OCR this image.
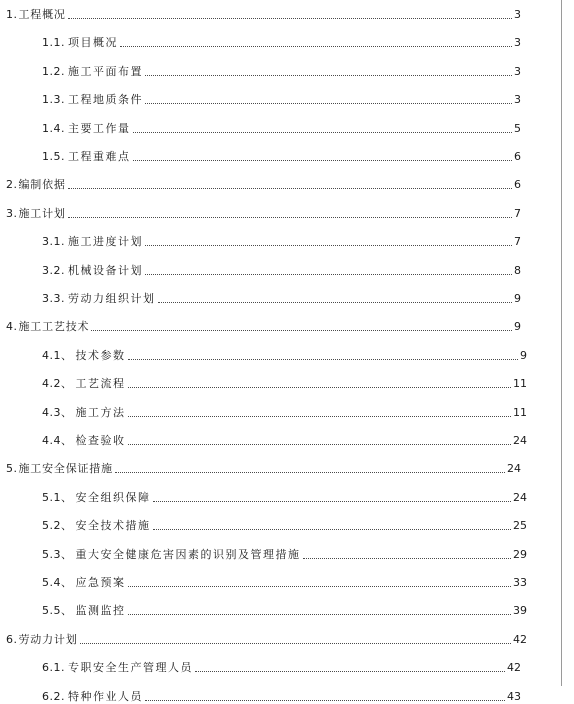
1. 工程概况	3
1.1. 项目概况	3
1.2. 施工平面布置	3
1.3. 工程地质条件	3
1.4. 主要工作量	5
1.5. 工程重难点	6
2. 编制依据	6
3. 施工计划	7
3.1. 施工进度计划	7
3.2. 机械设备计划	8
3.3. 劳动力组织计划	9
4. 施工工艺技术	9
4.1、 技术参数	9
4.2、 工艺流程	11
4.3、 施工方法	11
4.4、 检查验收	24
5. 施工安全保证措施	24
5.1、 安全组织保障	24
5.2、 安全技术措施	25
5.3、 重大安全健康危害因素的识别及管理措施	29
5.4、 应急预案	33
5.5、 监测监控	39
6. 劳动力计划	42
6.1. 专职安全生产管理人员	42
6.2. 特种作业人员	43
